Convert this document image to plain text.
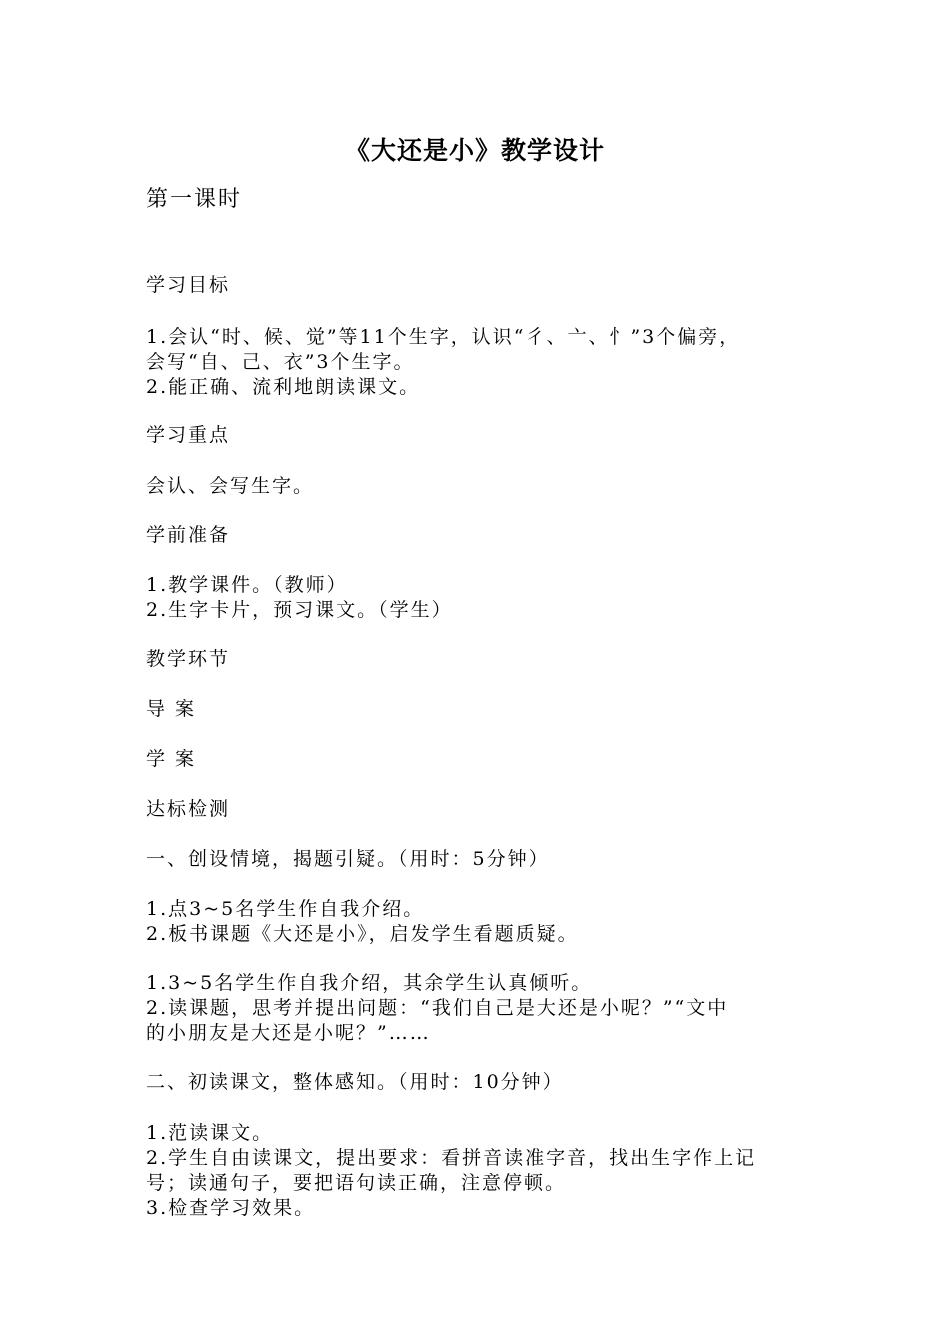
《大还是小》教学设计
第一课时
学习目标
1.会认“时、候、觉”等11个生字，认识“彳、亠、忄”3个偏旁，
会写“自、己、衣”3个生字。
2.能正确、流利地朗读课文。
学习重点
会认、会写生字。
学前准备
1.教学课件。（教师）
2.生字卡片，预习课文。（学生）
教学环节
导 案
学 案
达标检测
一、创设情境，揭题引疑。（用时：5分钟）
1.点3~5名学生作自我介绍。
2.板书课题《大还是小》，启发学生看题质疑。
1.3~5名学生作自我介绍，其余学生认真倾听。
2.读课题，思考并提出问题：“我们自己是大还是小呢？”“文中
的小朋友是大还是小呢？”……
二、初读课文，整体感知。（用时：10分钟）
1.范读课文。
2.学生自由读课文，提出要求：看拼音读准字音，找出生字作上记
号；读通句子，要把语句读正确，注意停顿。
3.检查学习效果。
